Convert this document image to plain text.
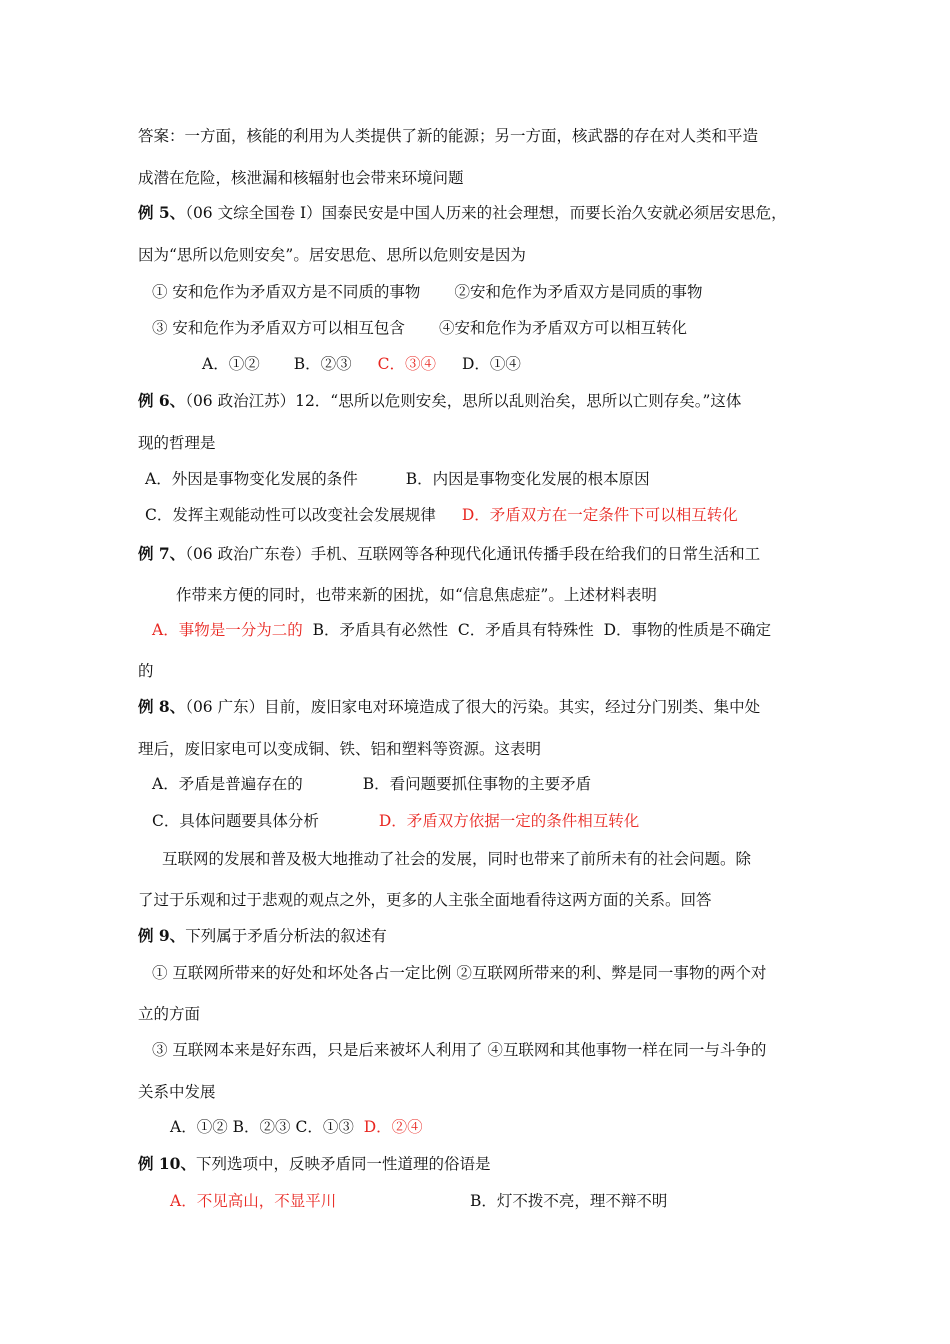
答案：一方面，核能的利用为人类提供了新的能源；另一方面，核武器的存在对人类和平造
成潜在危险，核泄漏和核辐射也会带来环境问题
例 5、（06 文综全国卷 I）国泰民安是中国人历来的社会理想，而要长治久安就必须居安思危，
因为“思所以危则安矣”。居安思危、思所以危则安是因为
① 安和危作为矛盾双方是不同质的事物 ②安和危作为矛盾双方是同质的事物
③ 安和危作为矛盾双方可以相互包含 ④安和危作为矛盾双方可以相互转化
A．①② B．②③ C．③④ D．①④
例 6、（06 政治江苏）12．“思所以危则安矣，思所以乱则治矣，思所以亡则存矣。”这体
现的哲理是
A．外因是事物变化发展的条件	B．内因是事物变化发展的根本原因
C．发挥主观能动性可以改变社会发展规律 D．矛盾双方在一定条件下可以相互转化
例 7、（06 政治广东卷）手机、互联网等各种现代化通讯传播手段在给我们的日常生活和工
作带来方便的同时，也带来新的困扰，如“信息焦虑症”。上述材料表明
A．事物是一分为二的 B．矛盾具有必然性 C．矛盾具有特殊性 D．事物的性质是不确定
的
例 8、（06 广东）目前，废旧家电对环境造成了很大的污染。其实，经过分门别类、集中处
理后，废旧家电可以变成铜、铁、铝和塑料等资源。这表明
A．矛盾是普遍存在的	B．看问题要抓住事物的主要矛盾
C．具体问题要具体分析	D．矛盾双方依据一定的条件相互转化
互联网的发展和普及极大地推动了社会的发展，同时也带来了前所未有的社会问题。除
了过于乐观和过于悲观的观点之外，更多的人主张全面地看待这两方面的关系。回答
例 9、下列属于矛盾分析法的叙述有
① 互联网所带来的好处和坏处各占一定比例 ②互联网所带来的利、弊是同一事物的两个对
立的方面
③ 互联网本来是好东西，只是后来被坏人利用了 ④互联网和其他事物一样在同一与斗争的
关系中发展
A．①② B．②③ C．①③ D．②④
例 10、下列选项中，反映矛盾同一性道理的俗语是
A．不见高山，不显平川	B．灯不拨不亮，理不辩不明
